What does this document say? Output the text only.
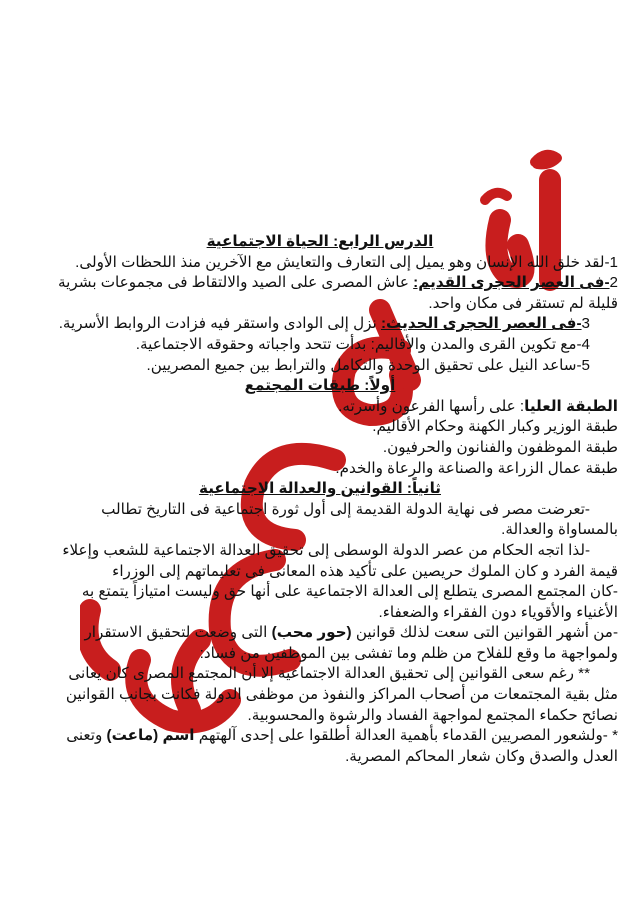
الدرس الرابع: الحياة الاجتماعية
1-لقد خلق الله الإنسان وهو يميل إلى التعارف والتعايش مع الآخرين منذ اللحظات الأولى.
2-فى العصر الحجرى القديم: عاش المصرى على الصيد والالتقاط فى مجموعات بشرية
قليلة لم تستقر فى مكان واحد.
3-فى العصر الحجرى الحديث: نزل إلى الوادى واستقر فيه فزادت الروابط الأسرية.
4-مع تكوين القرى والمدن والأقاليم: بدأت تتحد واجباته وحقوقه الاجتماعية.
5-ساعد النيل على تحقيق الوحدة والتكامل والترابط بين جميع المصريين.
أولاً: طبقات المجتمع
الطبقة العليا: على رأسها الفرعون وأسرته.
طبقة الوزير وكبار الكهنة وحكام الأقاليم.
طبقة الموظفون والفنانون والحرفيون.
طبقة عمال الزراعة والصناعة والرعاة والخدم.
ثانياً: القوانين والعدالة الاجتماعية
-تعرضت مصر فى نهاية الدولة القديمة إلى أول ثورة اجتماعية فى التاريخ تطالب
بالمساواة والعدالة.
-لذا اتجه الحكام من عصر الدولة الوسطى إلى تحقيق العدالة الاجتماعية للشعب وإعلاء
قيمة الفرد و كان الملوك حريصين على تأكيد هذه المعانى فى تعليماتهم إلى الوزراء
-كان المجتمع المصرى يتطلع إلى العدالة الاجتماعية على أنها حق وليست امتيازاً يتمتع به
الأغنياء والأقوياء دون الفقراء والضعفاء.
-من أشهر القوانين التى سعت لذلك قوانين (حور محب) التى وضعت لتحقيق الاستقرار
ولمواجهة ما وقع للفلاح من ظلم وما تفشى بين الموظفين من فساد:
** رغم سعى القوانين إلى تحقيق العدالة الاجتماعية إلا أن المجتمع المصرى كان يعانى
مثل بقية المجتمعات من أصحاب المراكز والنفوذ من موظفى الدولة فكانت بجانب القوانين
نصائح حكماء المجتمع لمواجهة الفساد والرشوة والمحسوبية.
* -ولشعور المصريين القدماء بأهمية العدالة أطلقوا على إحدى آلهتهم اسم (ماعت) وتعنى
العدل والصدق وكان شعار المحاكم المصرية.
